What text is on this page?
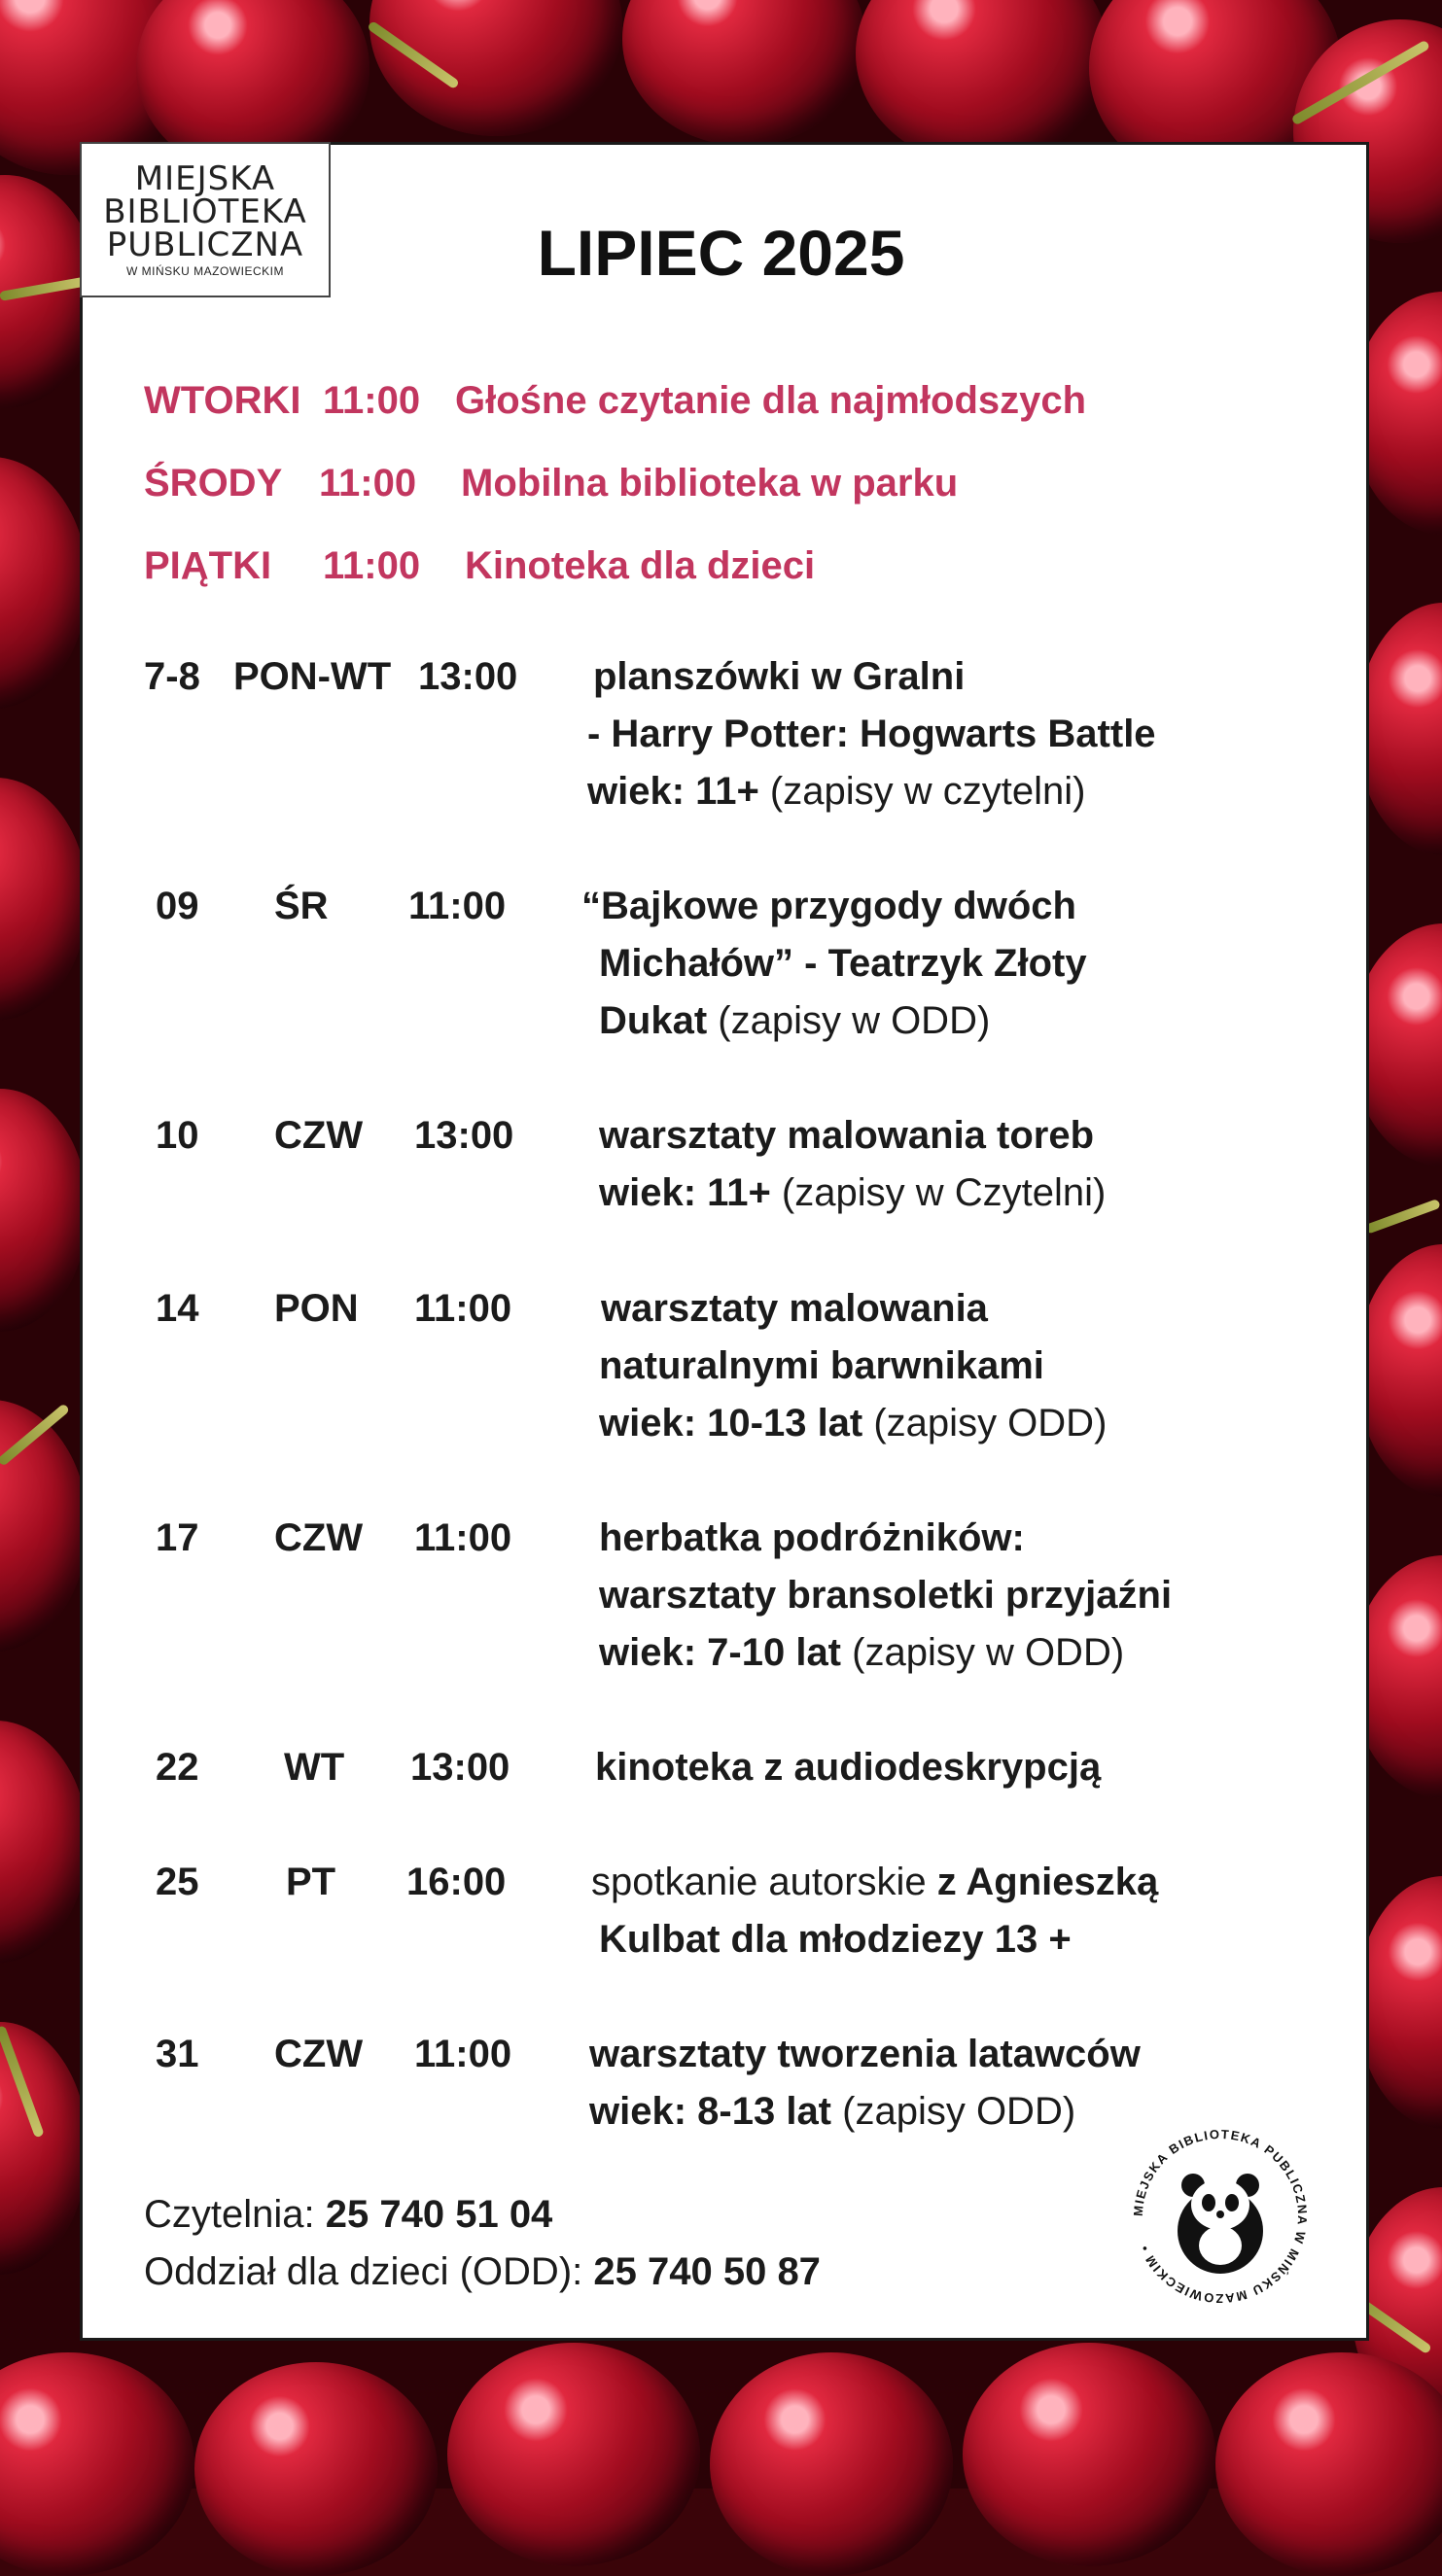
MIEJSKA
BIBLIOTEKA
PUBLICZNA
W MIŃSKU MAZOWIECKIM	LIPIEC 2025
WTORKI 11:00 Głośne czytanie dla najmłodszych
ŚRODY 11:00 Mobilna biblioteka w parku
PIĄTKI 11:00 Kinoteka dla dzieci
7-8 PON-WT 13:00 planszówki w Gralni
- Harry Potter: Hogwarts Battle
wiek: 11+ (zapisy w czytelni)
09 ŚR 11:00 “Bajkowe przygody dwóch
Michałów” - Teatrzyk Złoty
Dukat (zapisy w ODD)
10 CZW 13:00 warsztaty malowania toreb
wiek: 11+ (zapisy w Czytelni)
14 PON 11:00 warsztaty malowania
naturalnymi barwnikami
wiek: 10-13 lat (zapisy ODD)
17 CZW 11:00 herbatka podróżników:
warsztaty bransoletki przyjaźni
wiek: 7-10 lat (zapisy w ODD)
22 WT 13:00 kinoteka z audiodeskrypcją
25 PT 16:00 spotkanie autorskie z Agnieszką
Kulbat dla młodziezy 13 +
31 CZW 11:00 warsztaty tworzenia latawców
wiek: 8-13 lat (zapisy ODD)
Czytelnia: 25 740 51 04
Oddział dla dzieci (ODD): 25 740 50 87
MIEJSKA BIBLIOTEKA PUBLICZNA W MIŃSKU MAZOWIECKIM •
